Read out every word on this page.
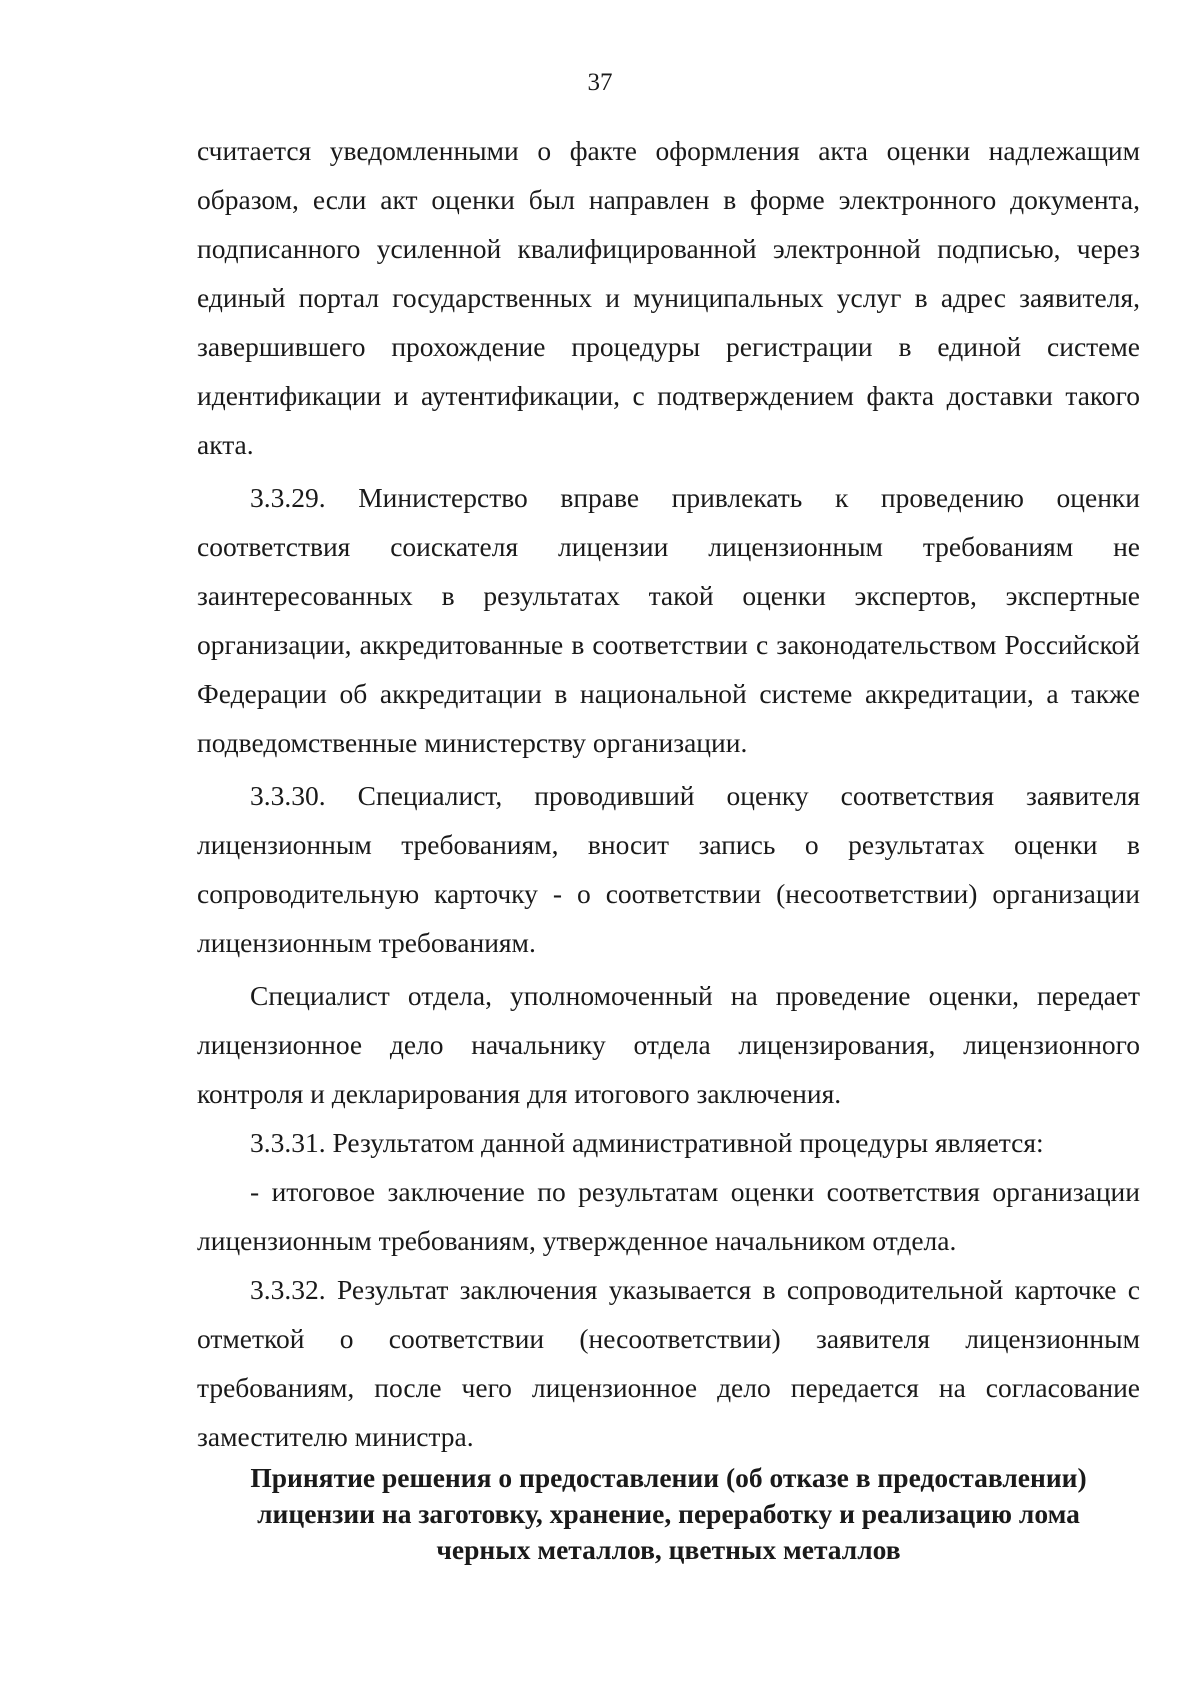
37

считается уведомленными о факте оформления акта оценки надлежащим образом, если акт оценки был направлен в форме электронного документа, подписанного усиленной квалифицированной электронной подписью, через единый портал государственных и муниципальных услуг в адрес заявителя, завершившего прохождение процедуры регистрации в единой системе идентификации и аутентификации, с подтверждением факта доставки такого акта.

3.3.29. Министерство вправе привлекать к проведению оценки соответствия соискателя лицензии лицензионным требованиям не заинтересованных в результатах такой оценки экспертов, экспертные организации, аккредитованные в соответствии с законодательством Российской Федерации об аккредитации в национальной системе аккредитации, а также подведомственные министерству организации.

3.3.30. Специалист, проводивший оценку соответствия заявителя лицензионным требованиям, вносит запись о результатах оценки в сопроводительную карточку - о соответствии (несоответствии) организации лицензионным требованиям.

Специалист отдела, уполномоченный на проведение оценки, передает лицензионное дело начальнику отдела лицензирования, лицензионного контроля и декларирования для итогового заключения.

3.3.31. Результатом данной административной процедуры является:

- итоговое заключение по результатам оценки соответствия организации лицензионным требованиям, утвержденное начальником отдела.

3.3.32. Результат заключения указывается в сопроводительной карточке с отметкой о соответствии (несоответствии) заявителя лицензионным требованиям, после чего лицензионное дело передается на согласование заместителю министра.

Принятие решения о предоставлении (об отказе в предоставлении)
лицензии на заготовку, хранение, переработку и реализацию лома
черных металлов, цветных металлов
